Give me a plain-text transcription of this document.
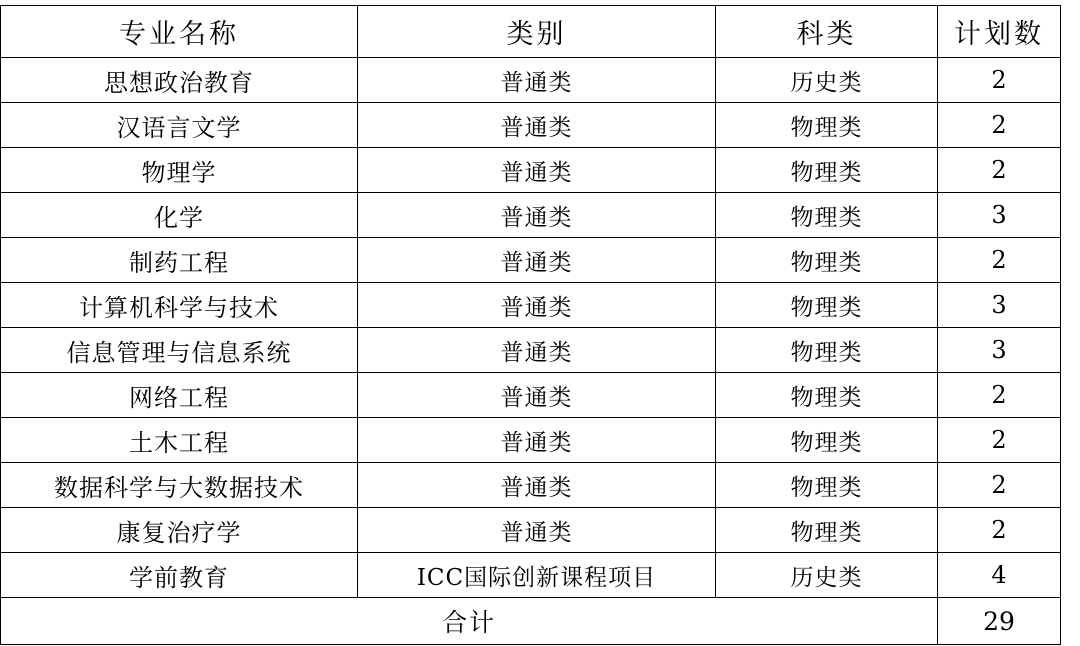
专业名称	类别	科类	计划数
思想政治教育	普通类	历史类	2
汉语言文学	普通类	物理类	2
物理学	普通类	物理类	2
化学	普通类	物理类	3
制药工程	普通类	物理类	2
计算机科学与技术	普通类	物理类	3
信息管理与信息系统	普通类	物理类	3
网络工程	普通类	物理类	2
土木工程	普通类	物理类	2
数据科学与大数据技术	普通类	物理类	2
康复治疗学	普通类	物理类	2
学前教育	ICC国际创新课程项目	历史类	4
合计			29
